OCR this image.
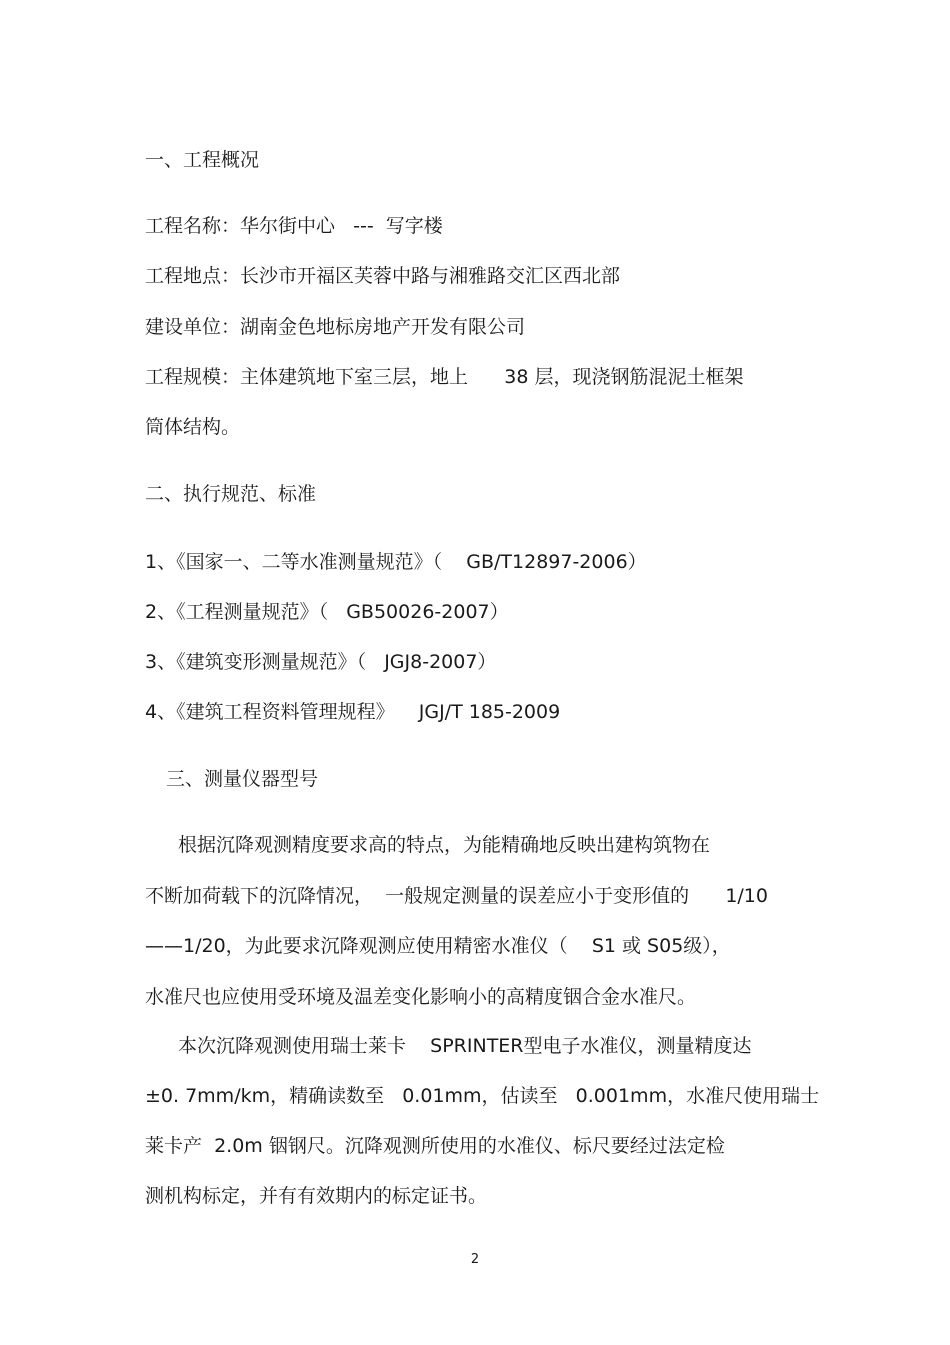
一、工程概况
工程名称：华尔街中心   ---  写字楼
工程地点：长沙市开福区芙蓉中路与湘雅路交汇区西北部
建设单位：湖南金色地标房地产开发有限公司
工程规模：主体建筑地下室三层，地上      38 层，现浇钢筋混泥土框架
筒体结构。
二、执行规范、标准
1、《国家一、二等水准测量规范》（    GB/T12897-2006）
2、《工程测量规范》（   GB50026-2007）
3、《建筑变形测量规范》（   JGJ8-2007）
4、《建筑工程资料管理规程》    JGJ/T 185-2009
三、测量仪器型号
根据沉降观测精度要求高的特点，为能精确地反映出建构筑物在
不断加荷载下的沉降情况，  一般规定测量的误差应小于变形值的      1/10
——1/20，为此要求沉降观测应使用精密水准仪（    S1 或 S05级），
水准尺也应使用受环境及温差变化影响小的高精度铟合金水准尺。
本次沉降观测使用瑞士莱卡    SPRINTER型电子水准仪，测量精度达
±0. 7mm/km，精确读数至   0.01mm，估读至   0.001mm，水准尺使用瑞士
莱卡产  2.0m 铟钢尺。沉降观测所使用的水准仪、标尺要经过法定检
测机构标定，并有有效期内的标定证书。
2
